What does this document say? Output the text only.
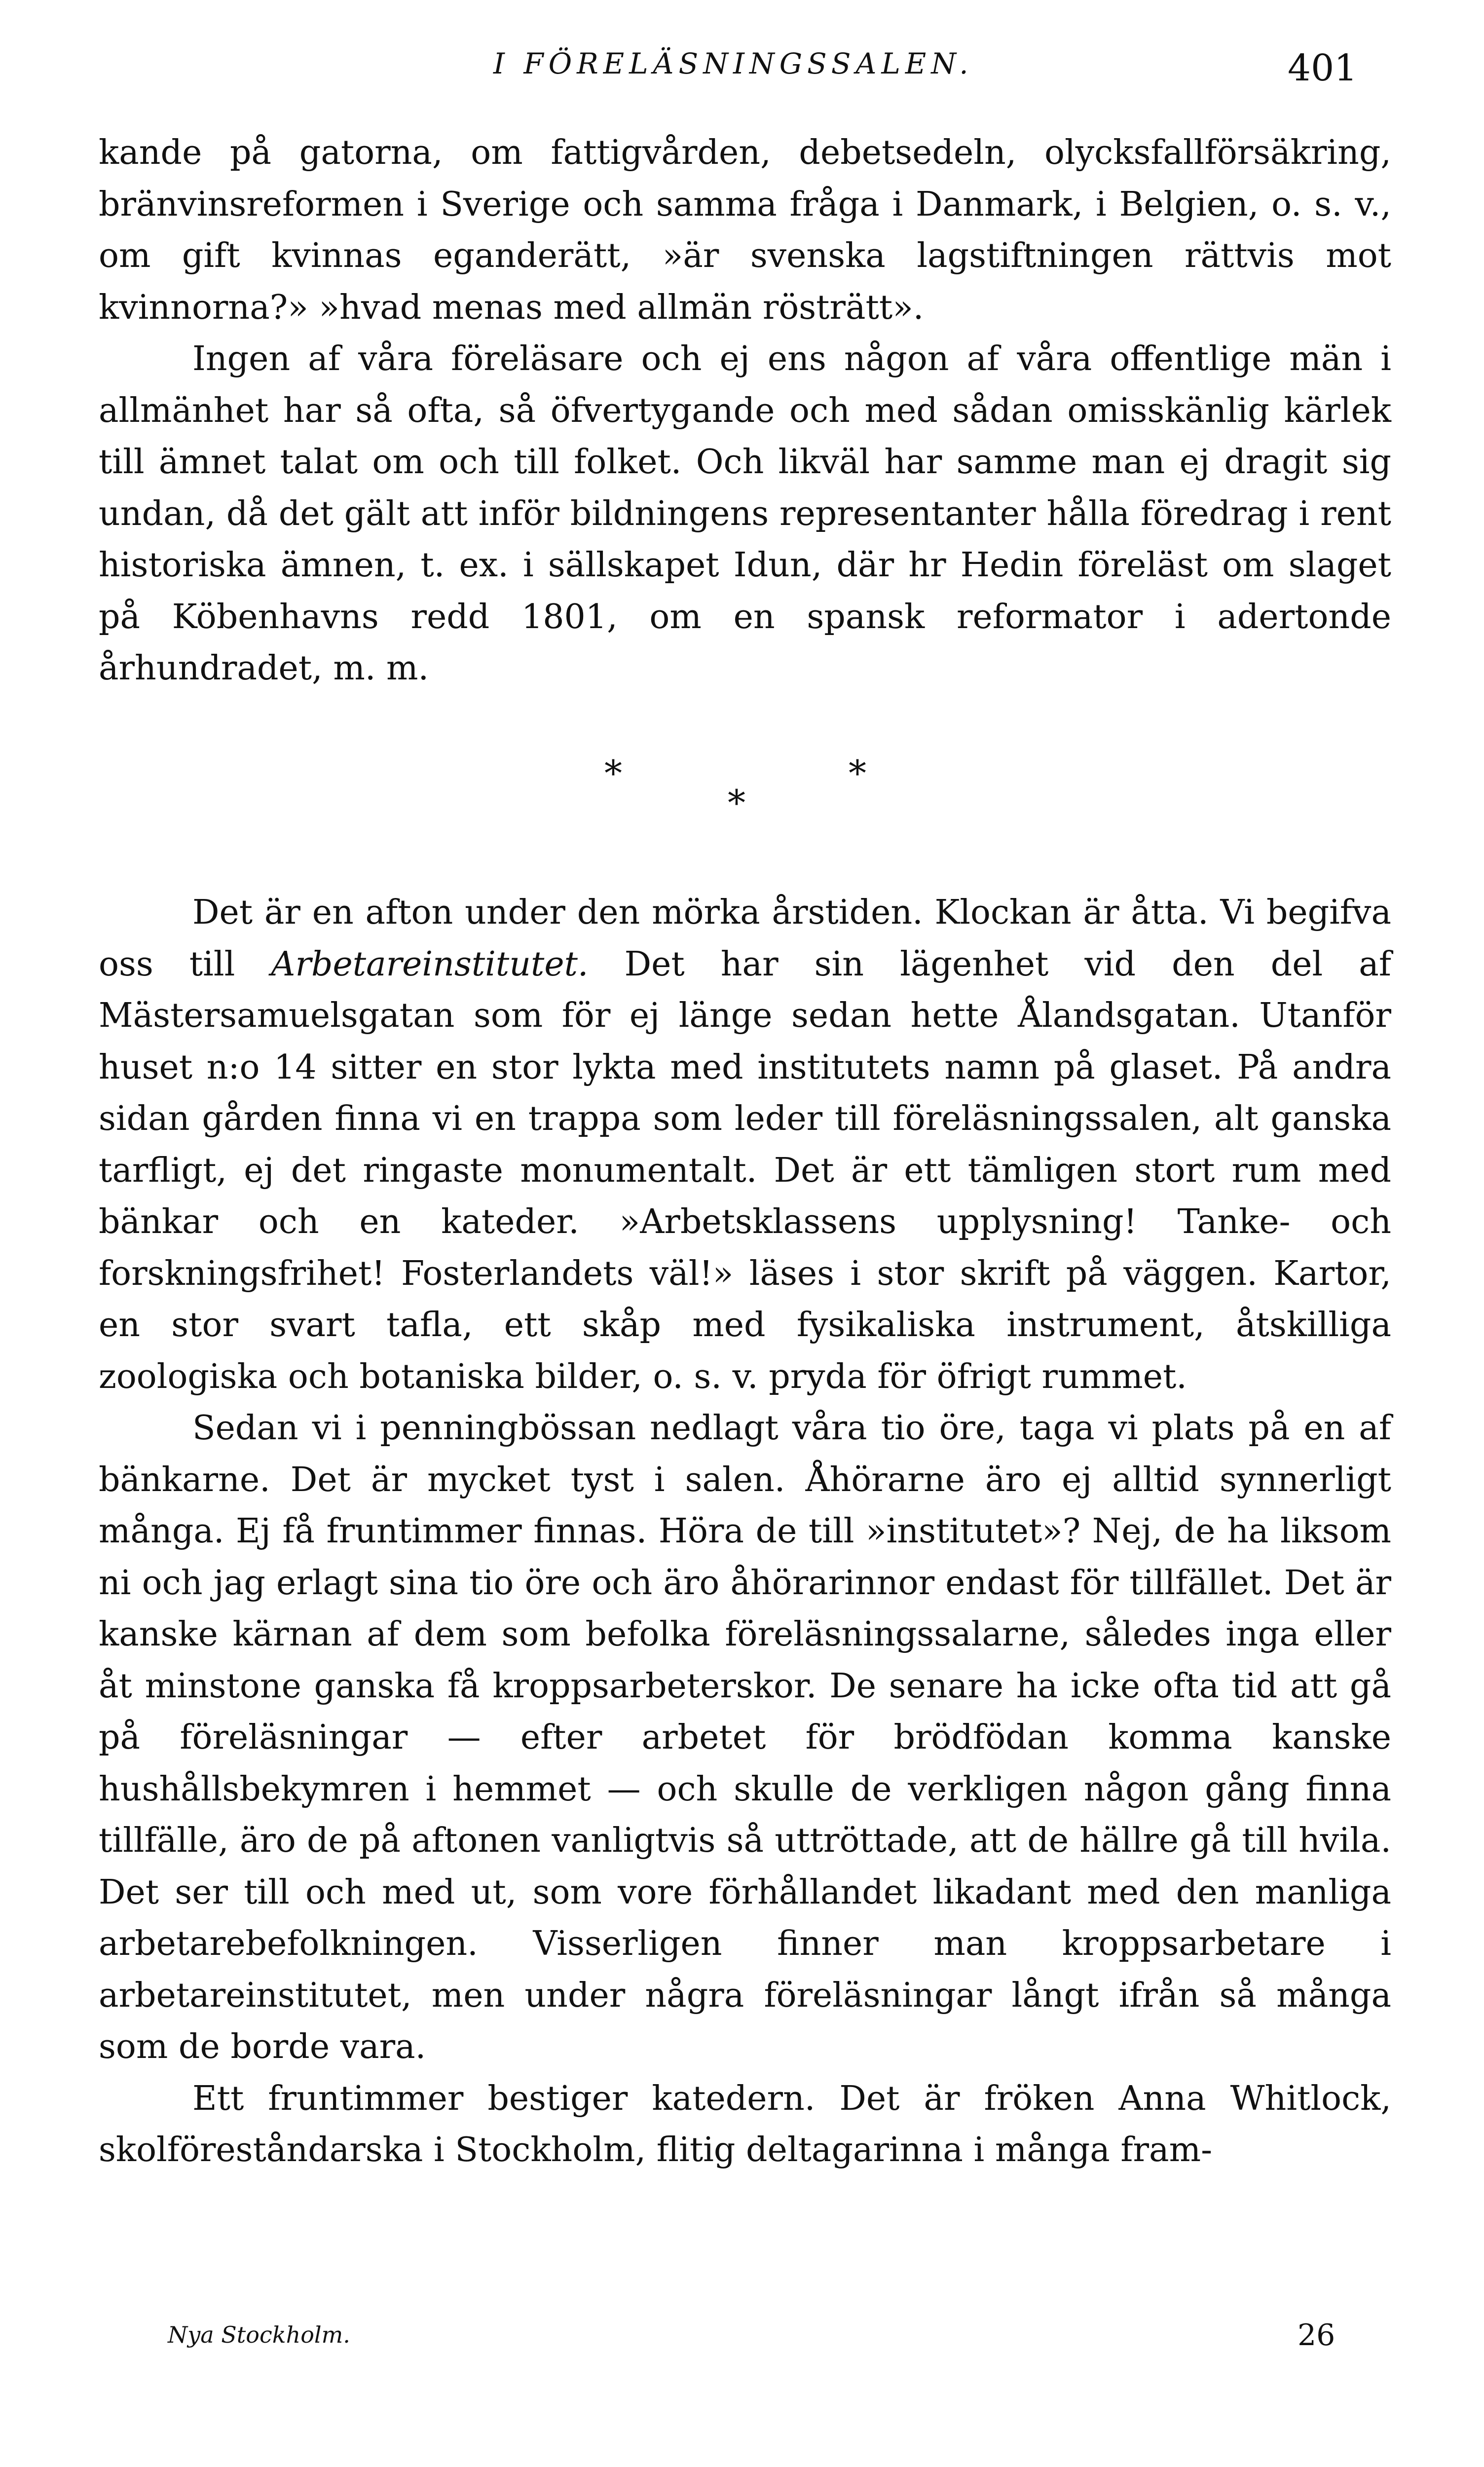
I FÖRELÄSNINGSSALEN.	401

kande på gatorna, om fattigvården, debetsedeln, olycksfallförsäkring, bränvinsreformen i Sverige och samma fråga i Danmark, i Belgien, o. s. v., om gift kvinnas eganderätt, »är svenska lagstiftningen rättvis mot kvinnorna?» »hvad menas med allmän rösträtt».

Ingen af våra föreläsare och ej ens någon af våra offentlige män i allmänhet har så ofta, så öfvertygande och med sådan omisskänlig kärlek till ämnet talat om och till folket. Och likväl har samme man ej dragit sig undan, då det gält att inför bildningens representanter hålla föredrag i rent historiska ämnen, t. ex. i sällskapet Idun, där hr Hedin föreläst om slaget på Köbenhavns redd 1801, om en spansk reformator i adertonde århundradet, m. m.

*	*
*

Det är en afton under den mörka årstiden. Klockan är åtta. Vi begifva oss till Arbetareinstitutet. Det har sin lägenhet vid den del af Mästersamuelsgatan som för ej länge sedan hette Ålandsgatan. Utanför huset n:o 14 sitter en stor lykta med institutets namn på glaset. På andra sidan gården finna vi en trappa som leder till föreläsningssalen, alt ganska tarfligt, ej det ringaste monumentalt. Det är ett tämligen stort rum med bänkar och en kateder. »Arbetsklassens upplysning! Tanke- och forskningsfrihet! Fosterlandets väl!» läses i stor skrift på väggen. Kartor, en stor svart tafla, ett skåp med fysikaliska instrument, åtskilliga zoologiska och botaniska bilder, o. s. v. pryda för öfrigt rummet.

Sedan vi i penningbössan nedlagt våra tio öre, taga vi plats på en af bänkarne. Det är mycket tyst i salen. Åhörarne äro ej alltid synnerligt många. Ej få fruntimmer finnas. Höra de till »institutet»? Nej, de ha liksom ni och jag erlagt sina tio öre och äro åhörarinnor endast för tillfället. Det är kanske kärnan af dem som befolka föreläsningssalarne, således inga eller åt minstone ganska få kroppsarbeterskor. De senare ha icke ofta tid att gå på föreläsningar — efter arbetet för brödfödan komma kanske hushållsbekymren i hemmet — och skulle de verkligen någon gång finna tillfälle, äro de på aftonen vanligtvis så uttröttade, att de hällre gå till hvila. Det ser till och med ut, som vore förhållandet likadant med den manliga arbetarebefolkningen. Visserligen finner man kroppsarbetare i arbetareinstitutet, men under några föreläsningar långt ifrån så många som de borde vara.

Ett fruntimmer bestiger katedern. Det är fröken Anna Whitlock, skolföreståndarska i Stockholm, flitig deltagarinna i många fram-

Nya Stockholm.	26
